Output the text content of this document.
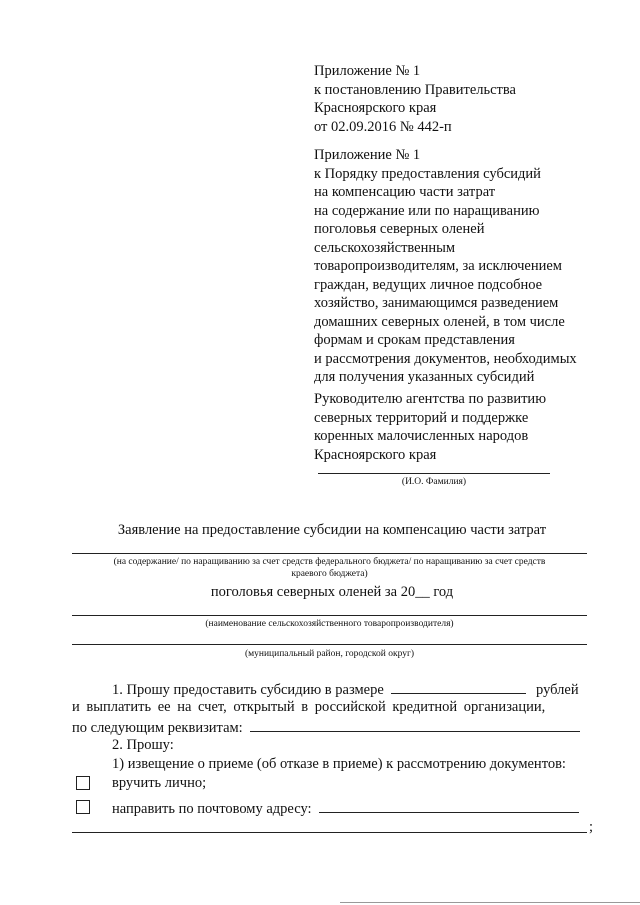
Приложение № 1
к постановлению Правительства
Красноярского края
от 02.09.2016 № 442-п
Приложение № 1
к Порядку предоставления субсидий
на компенсацию части затрат
на содержание или по наращиванию
поголовья северных оленей
сельскохозяйственным
товаропроизводителям, за исключением
граждан, ведущих личное подсобное
хозяйство, занимающимся разведением
домашних северных оленей, в том числе
формам и срокам представления
и рассмотрения документов, необходимых
для получения указанных субсидий
Руководителю агентства по развитию
северных территорий и поддержке
коренных малочисленных народов
Красноярского края
(И.О. Фамилия)
Заявление на предоставление субсидии на компенсацию части затрат
(на содержание/ по наращиванию за счет средств федерального бюджета/ по наращиванию за счет средств
краевого бюджета)
поголовья северных оленей за 20__ год
(наименование сельскохозяйственного товаропроизводителя)
(муниципальный район, городской округ)
1. Прошу предоставить субсидию в размере	рублей
и выплатить ее на счет, открытый в российской кредитной организации,
по следующим реквизитам:
2. Прошу:
1) извещение о приеме (об отказе в приеме) к рассмотрению документов:
вручить лично;
направить по почтовому адресу:
;
